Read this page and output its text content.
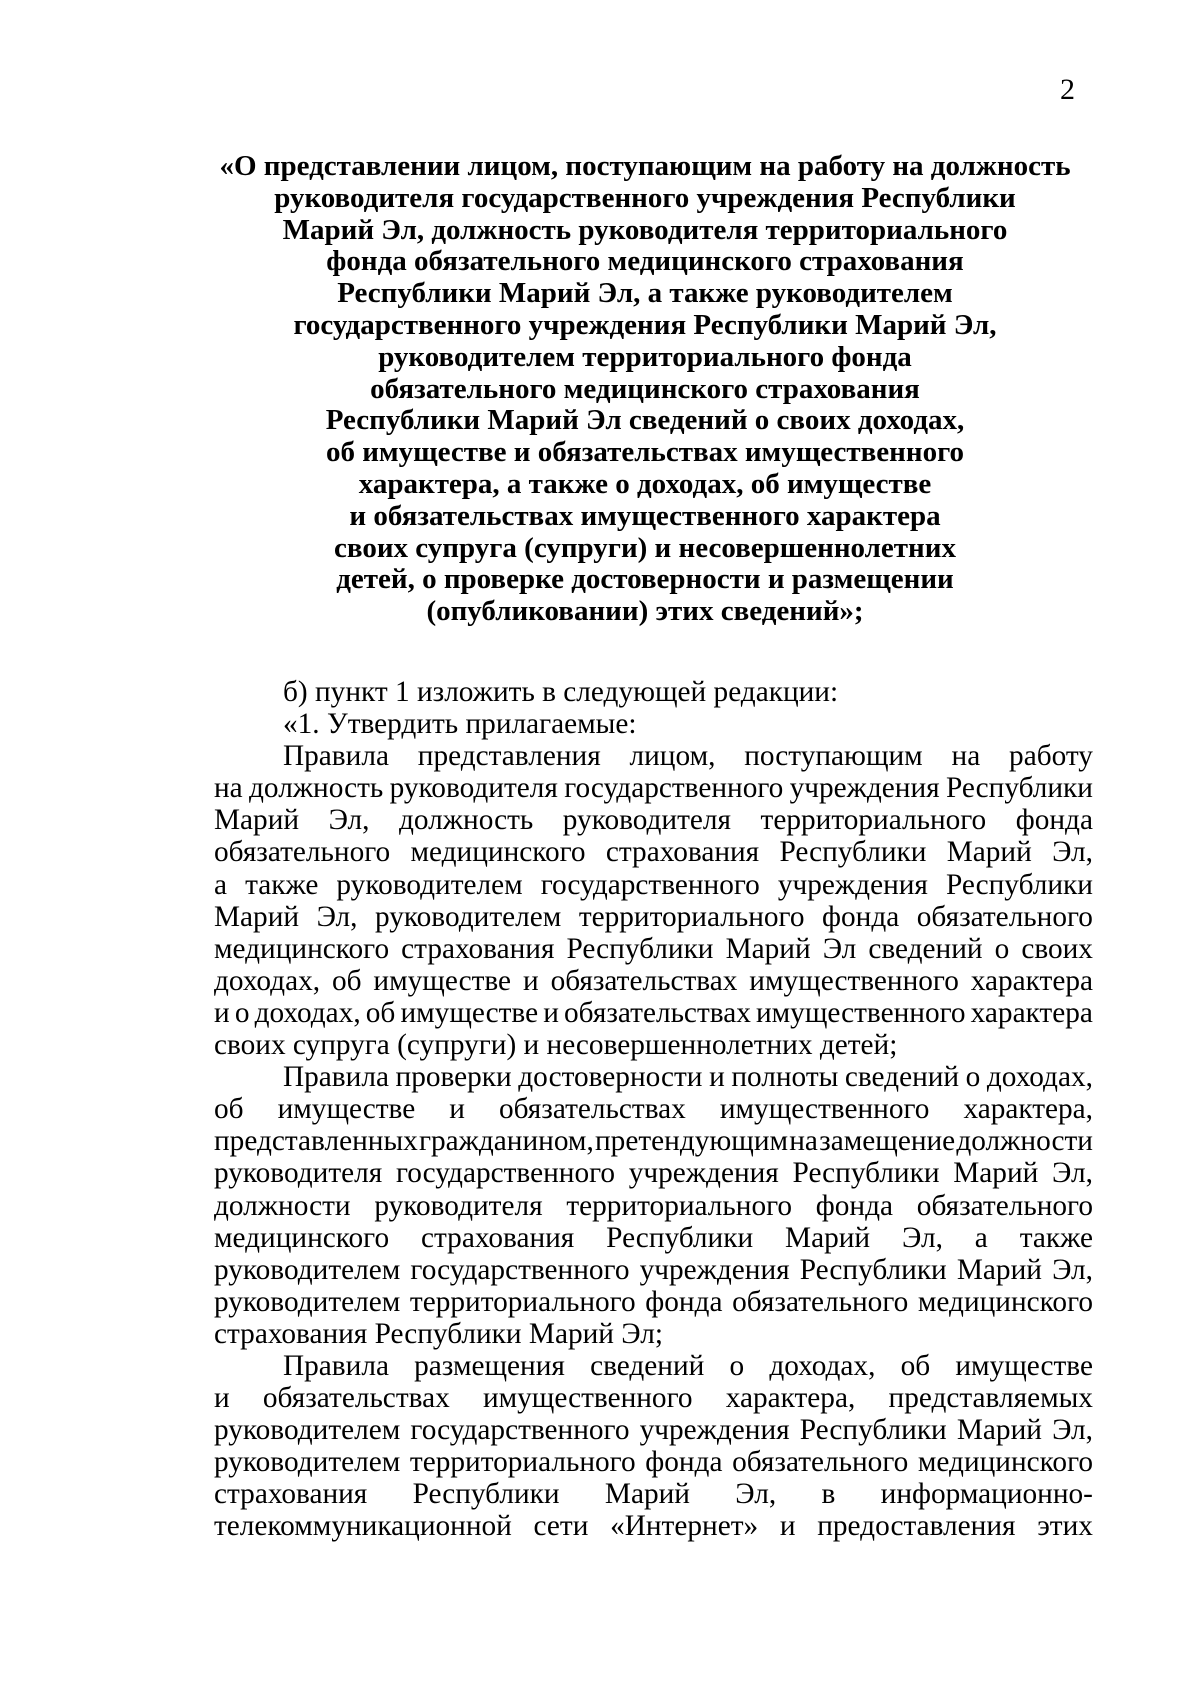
2
«О представлении лицом, поступающим на работу на должность
руководителя государственного учреждения Республики
Марий Эл, должность руководителя территориального
фонда обязательного медицинского страхования
Республики Марий Эл, а также руководителем
государственного учреждения Республики Марий Эл,
руководителем территориального фонда
обязательного медицинского страхования
Республики Марий Эл сведений о своих доходах,
об имуществе и обязательствах имущественного
характера, а также о доходах, об имуществе
и обязательствах имущественного характера
своих супруга (супруги) и несовершеннолетних
детей, о проверке достоверности и размещении
(опубликовании) этих сведений»;
б) пункт 1 изложить в следующей редакции:
«1. Утвердить прилагаемые:
Правила представления лицом, поступающим на работу
на должность руководителя государственного учреждения Республики
Марий Эл, должность руководителя территориального фонда
обязательного медицинского страхования Республики Марий Эл,
а также руководителем государственного учреждения Республики
Марий Эл, руководителем территориального фонда обязательного
медицинского страхования Республики Марий Эл сведений о своих
доходах, об имуществе и обязательствах имущественного характера
и о доходах, об имуществе и обязательствах имущественного характера
своих супруга (супруги) и несовершеннолетних детей;
Правила проверки достоверности и полноты сведений о доходах,
об имуществе и обязательствах имущественного характера,
представленных гражданином, претендующим на замещение должности
руководителя государственного учреждения Республики Марий Эл,
должности руководителя территориального фонда обязательного
медицинского страхования Республики Марий Эл, а также
руководителем государственного учреждения Республики Марий Эл,
руководителем территориального фонда обязательного медицинского
страхования Республики Марий Эл;
Правила размещения сведений о доходах, об имуществе
и обязательствах имущественного характера, представляемых
руководителем государственного учреждения Республики Марий Эл,
руководителем территориального фонда обязательного медицинского
страхования Республики Марий Эл, в информационно-
телекоммуникационной сети «Интернет» и предоставления этих
